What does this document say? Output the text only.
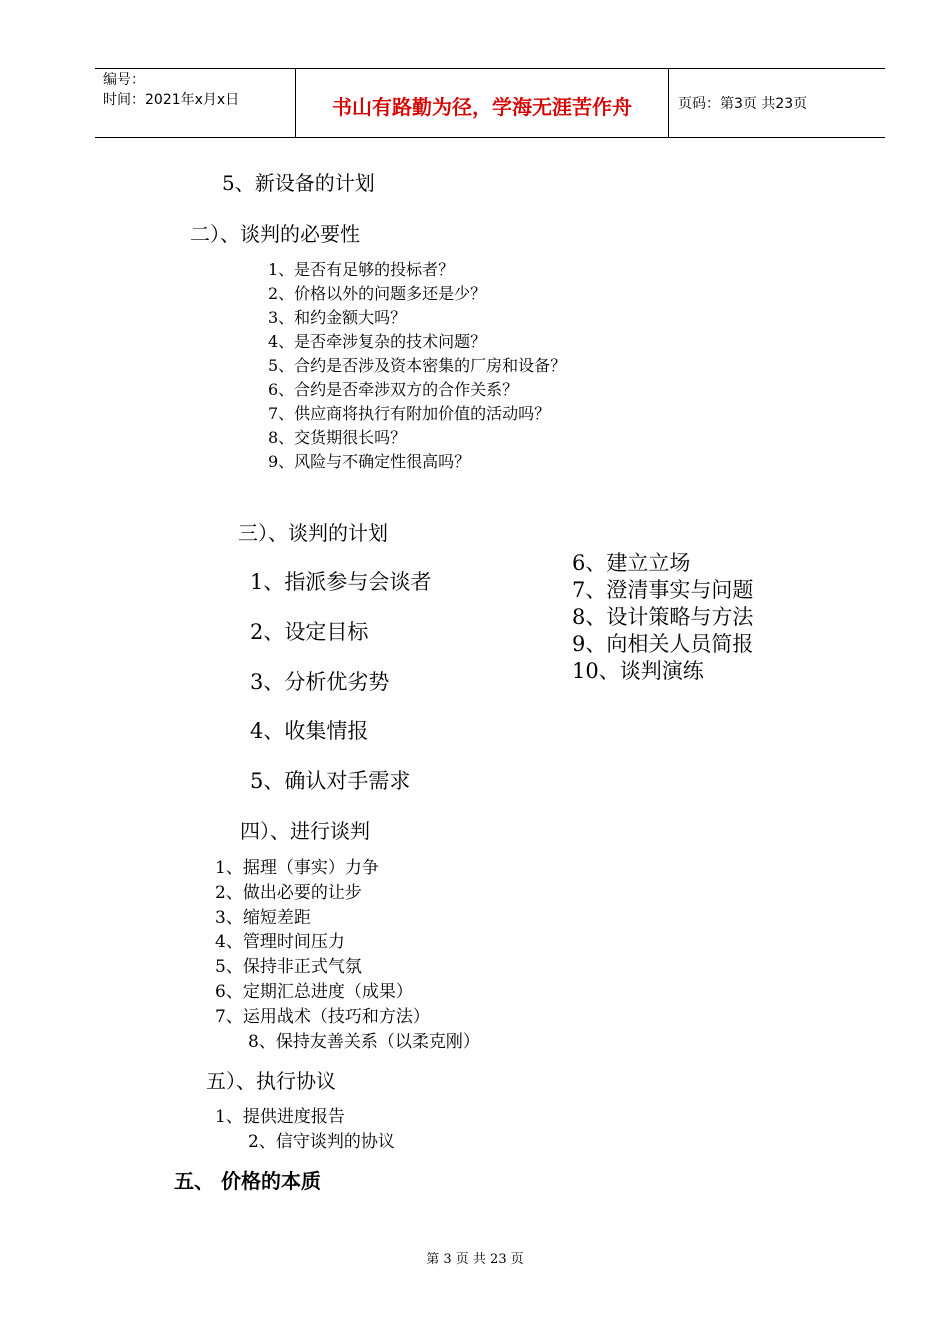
编号：
时间：2021年x月x日	书山有路勤为径，学海无涯苦作舟	页码：第3页 共23页
5、新设备的计划
二）、谈判的必要性
1、是否有足够的投标者？
2、价格以外的问题多还是少？
3、和约金额大吗？
4、是否牵涉复杂的技术问题？
5、合约是否涉及资本密集的厂房和设备？
6、合约是否牵涉双方的合作关系？
7、供应商将执行有附加价值的活动吗？
8、交货期很长吗？
9、风险与不确定性很高吗？
三）、谈判的计划
1、指派参与会谈者
2、设定目标
3、分析优劣势
4、收集情报
5、确认对手需求
6、建立立场
7、澄清事实与问题
8、设计策略与方法
9、向相关人员简报
10、谈判演练
四）、进行谈判
1、据理（事实）力争
2、做出必要的让步
3、缩短差距
4、管理时间压力
5、保持非正式气氛
6、定期汇总进度（成果）
7、运用战术（技巧和方法）
8、保持友善关系（以柔克刚）
五）、执行协议
1、提供进度报告
2、信守谈判的协议
五、 价格的本质
第 3 页 共 23 页
